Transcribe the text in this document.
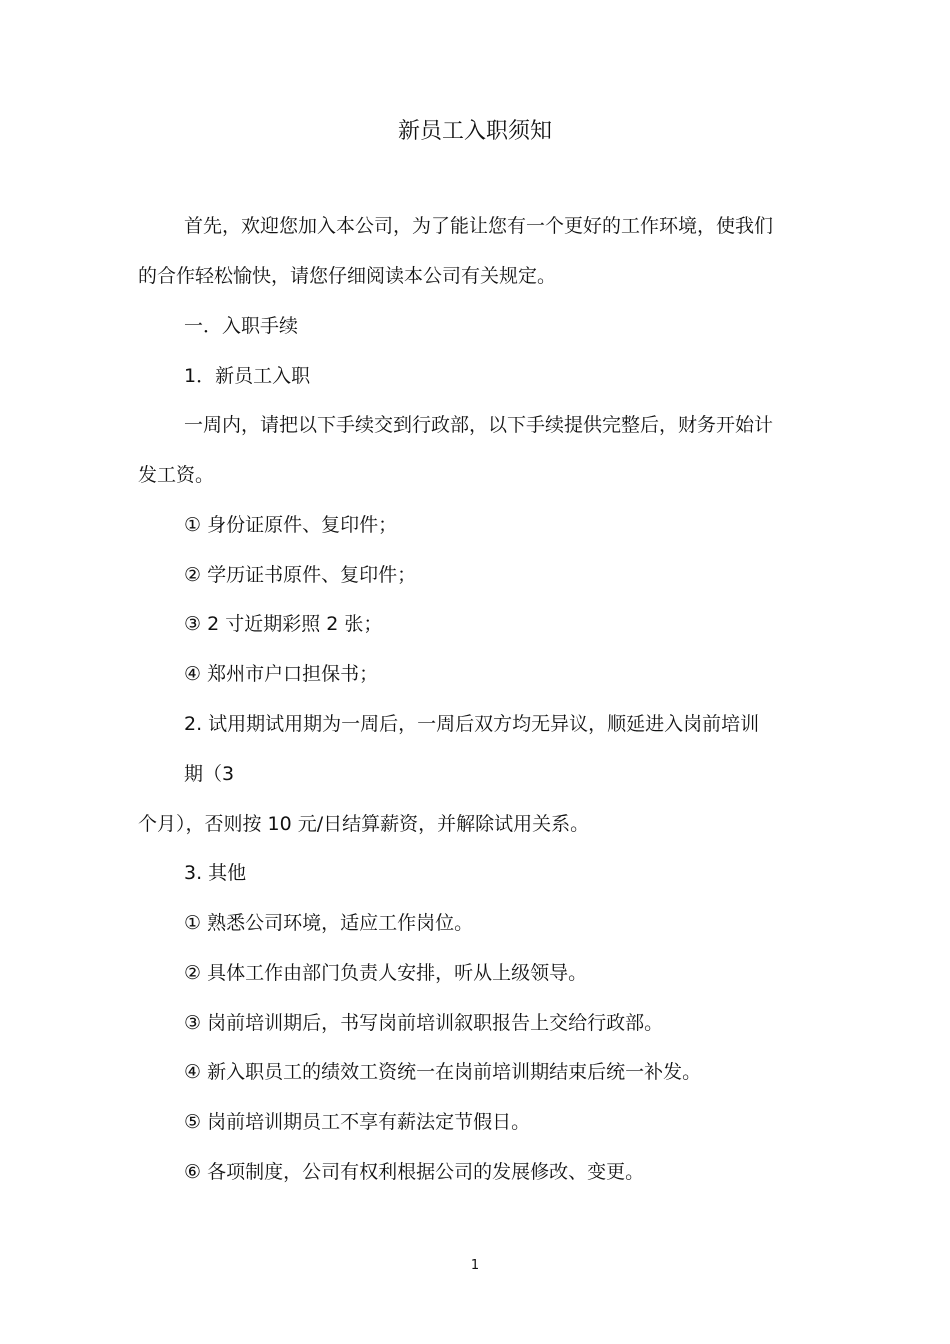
新员工入职须知
首先，欢迎您加入本公司，为了能让您有一个更好的工作环境，使我们
的合作轻松愉快，请您仔细阅读本公司有关规定。
一．入职手续
1．新员工入职
一周内，请把以下手续交到行政部，以下手续提供完整后，财务开始计
发工资。
① 身份证原件、复印件；
② 学历证书原件、复印件；
③ 2 寸近期彩照 2 张；
④ 郑州市户口担保书；
2. 试用期试用期为一周后，一周后双方均无异议，顺延进入岗前培训
期（3
个月），否则按 10 元/日结算薪资，并解除试用关系。
3. 其他
① 熟悉公司环境，适应工作岗位。
② 具体工作由部门负责人安排，听从上级领导。
③ 岗前培训期后，书写岗前培训叙职报告上交给行政部。
④ 新入职员工的绩效工资统一在岗前培训期结束后统一补发。
⑤ 岗前培训期员工不享有薪法定节假日。
⑥ 各项制度，公司有权利根据公司的发展修改、变更。
1
